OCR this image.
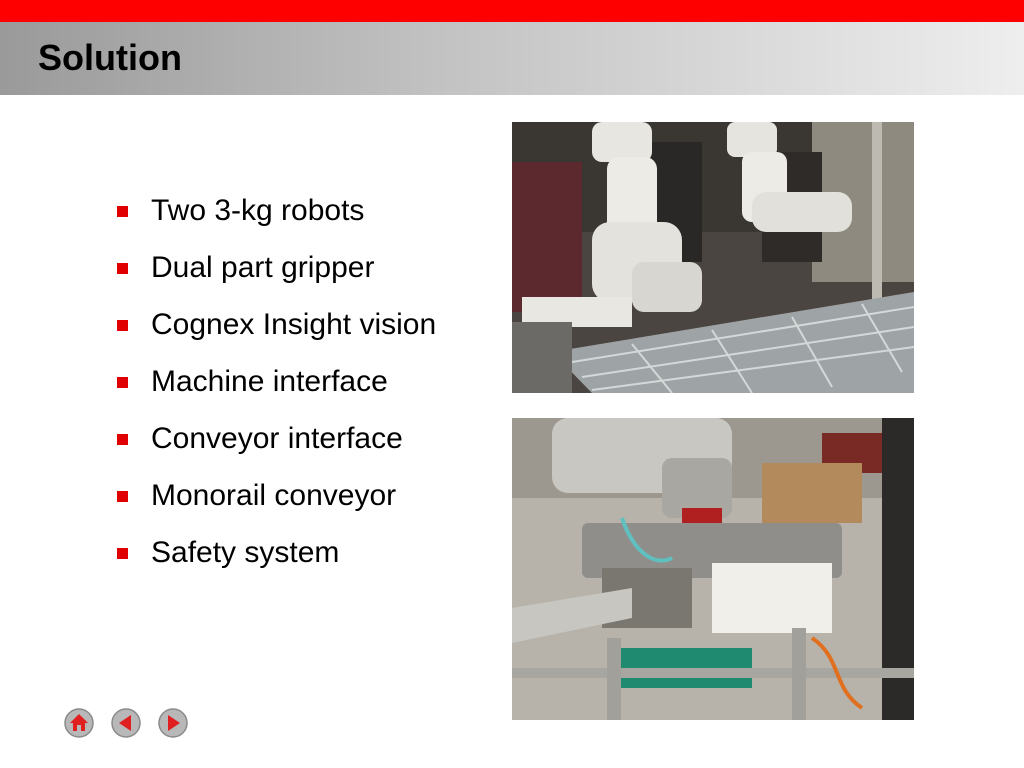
Solution
Two 3-kg robots
Dual part gripper
Cognex Insight vision
Machine interface
Conveyor interface
Monorail conveyor
Safety system
